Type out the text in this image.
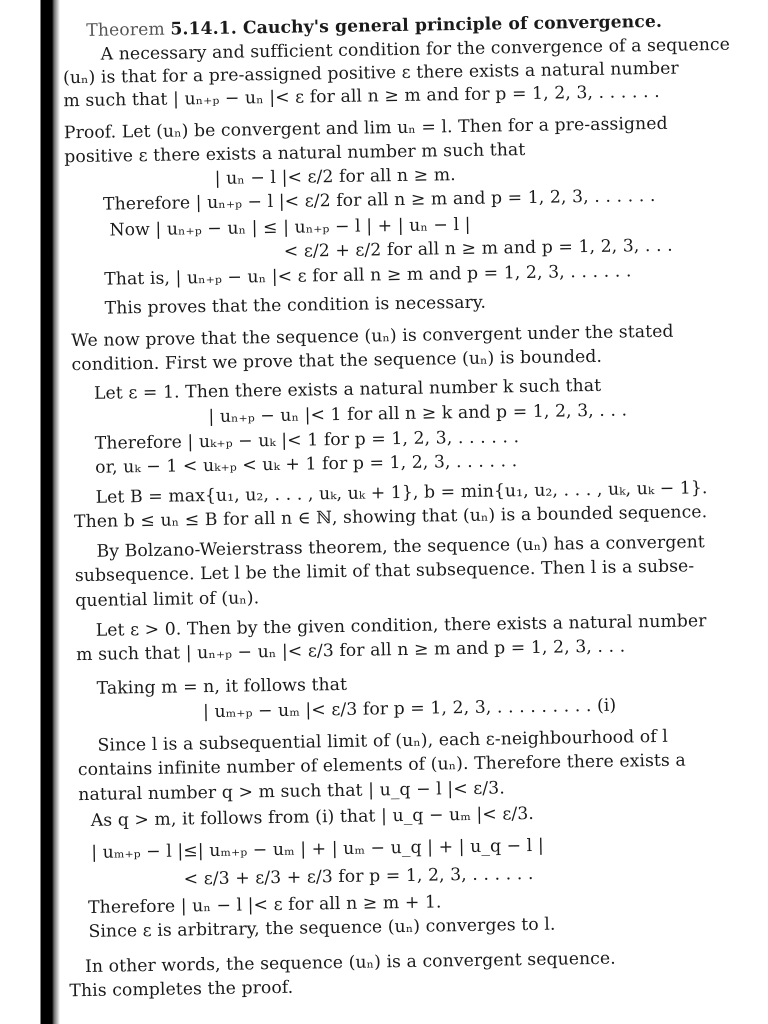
Theorem 5.14.1. Cauchy's general principle of convergence.
A necessary and sufficient condition for the convergence of a sequence
(uₙ) is that for a pre-assigned positive ε there exists a natural number
m such that | uₙ₊ₚ − uₙ |< ε for all n ≥ m and for p = 1, 2, 3, . . . . . .
Proof. Let (uₙ) be convergent and lim uₙ = l. Then for a pre-assigned
positive ε there exists a natural number m such that
| uₙ − l |< ε/2 for all n ≥ m.
Therefore | uₙ₊ₚ − l |< ε/2 for all n ≥ m and p = 1, 2, 3, . . . . . .
Now | uₙ₊ₚ − uₙ | ≤ | uₙ₊ₚ − l | + | uₙ − l |
< ε/2 + ε/2 for all n ≥ m and p = 1, 2, 3, . . .
That is, | uₙ₊ₚ − uₙ |< ε for all n ≥ m and p = 1, 2, 3, . . . . . .
This proves that the condition is necessary.
We now prove that the sequence (uₙ) is convergent under the stated
condition. First we prove that the sequence (uₙ) is bounded.
Let ε = 1. Then there exists a natural number k such that
| uₙ₊ₚ − uₙ |< 1 for all n ≥ k and p = 1, 2, 3, . . .
Therefore | uₖ₊ₚ − uₖ |< 1 for p = 1, 2, 3, . . . . . .
or, uₖ − 1 < uₖ₊ₚ < uₖ + 1 for p = 1, 2, 3, . . . . . .
Let B = max{u₁, u₂, . . . , uₖ, uₖ + 1}, b = min{u₁, u₂, . . . , uₖ, uₖ − 1}.
Then b ≤ uₙ ≤ B for all n ∈ ℕ, showing that (uₙ) is a bounded sequence.
By Bolzano-Weierstrass theorem, the sequence (uₙ) has a convergent
subsequence. Let l be the limit of that subsequence. Then l is a subse-
quential limit of (uₙ).
Let ε > 0. Then by the given condition, there exists a natural number
m such that | uₙ₊ₚ − uₙ |< ε/3 for all n ≥ m and p = 1, 2, 3, . . .
Taking m = n, it follows that
| uₘ₊ₚ − uₘ |< ε/3 for p = 1, 2, 3, . . . . . . . . . (i)
Since l is a subsequential limit of (uₙ), each ε-neighbourhood of l
contains infinite number of elements of (uₙ). Therefore there exists a
natural number q > m such that | u_q − l |< ε/3.
As q > m, it follows from (i) that | u_q − uₘ |< ε/3.
| uₘ₊ₚ − l |≤| uₘ₊ₚ − uₘ | + | uₘ − u_q | + | u_q − l |
< ε/3 + ε/3 + ε/3 for p = 1, 2, 3, . . . . . .
Therefore | uₙ − l |< ε for all n ≥ m + 1.
Since ε is arbitrary, the sequence (uₙ) converges to l.
In other words, the sequence (uₙ) is a convergent sequence.
This completes the proof.
